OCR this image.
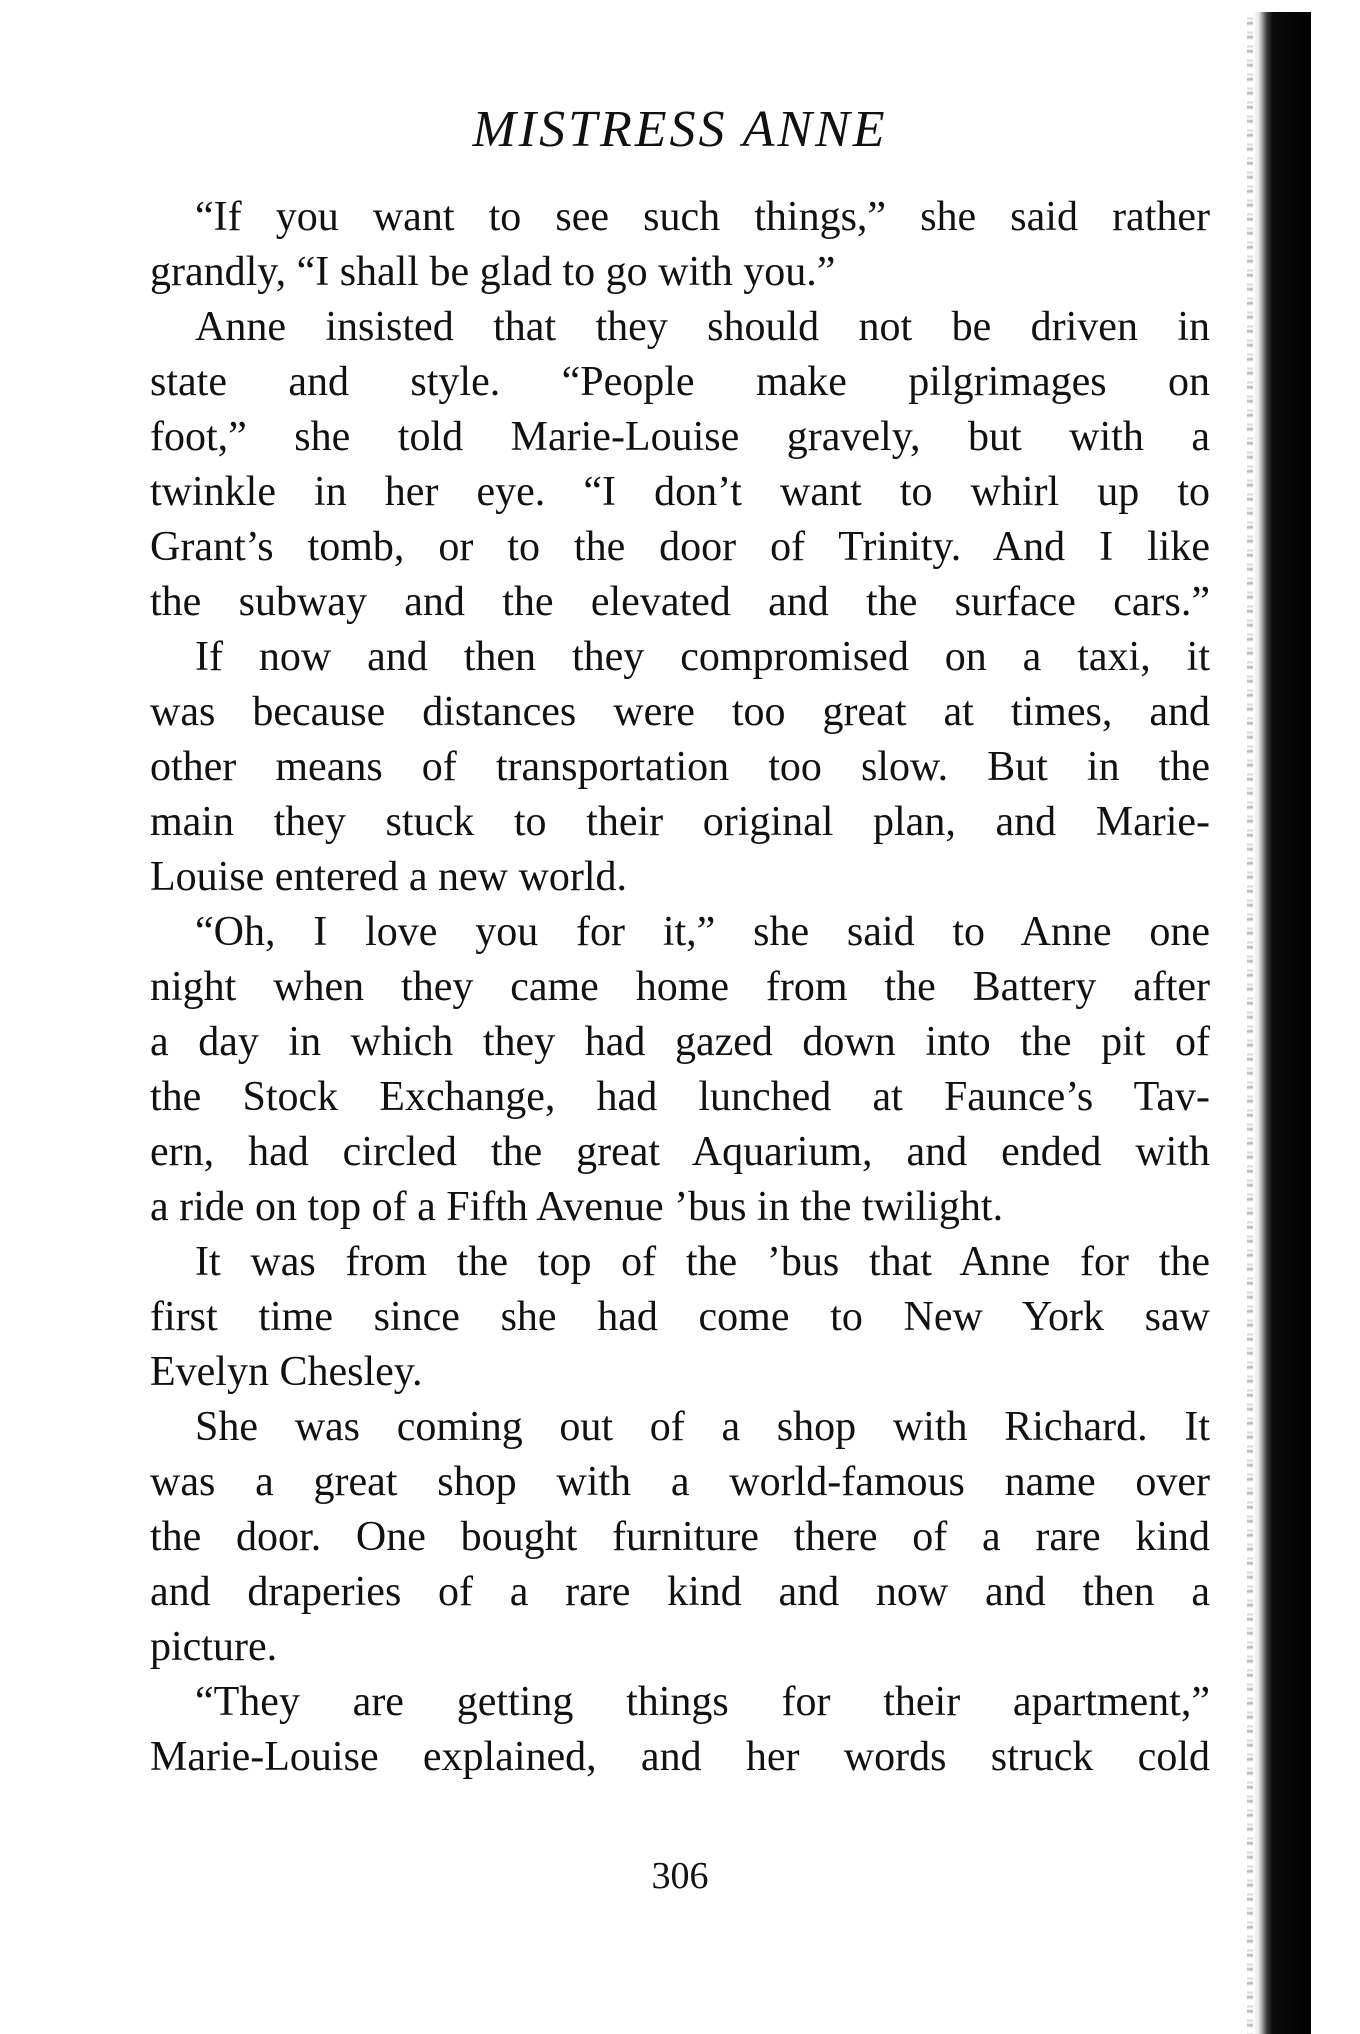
MISTRESS ANNE
“If you want to see such things,” she said rather
grandly, “I shall be glad to go with you.”
Anne insisted that they should not be driven in
state and style. “People make pilgrimages on
foot,” she told Marie-Louise gravely, but with a
twinkle in her eye. “I don’t want to whirl up to
Grant’s tomb, or to the door of Trinity. And I like
the subway and the elevated and the surface cars.”
If now and then they compromised on a taxi, it
was because distances were too great at times, and
other means of transportation too slow. But in the
main they stuck to their original plan, and Marie-
Louise entered a new world.
“Oh, I love you for it,” she said to Anne one
night when they came home from the Battery after
a day in which they had gazed down into the pit of
the Stock Exchange, had lunched at Faunce’s Tav-
ern, had circled the great Aquarium, and ended with
a ride on top of a Fifth Avenue ’bus in the twilight.
It was from the top of the ’bus that Anne for the
first time since she had come to New York saw
Evelyn Chesley.
She was coming out of a shop with Richard. It
was a great shop with a world-famous name over
the door. One bought furniture there of a rare kind
and draperies of a rare kind and now and then a
picture.
“They are getting things for their apartment,”
Marie-Louise explained, and her words struck cold
306
